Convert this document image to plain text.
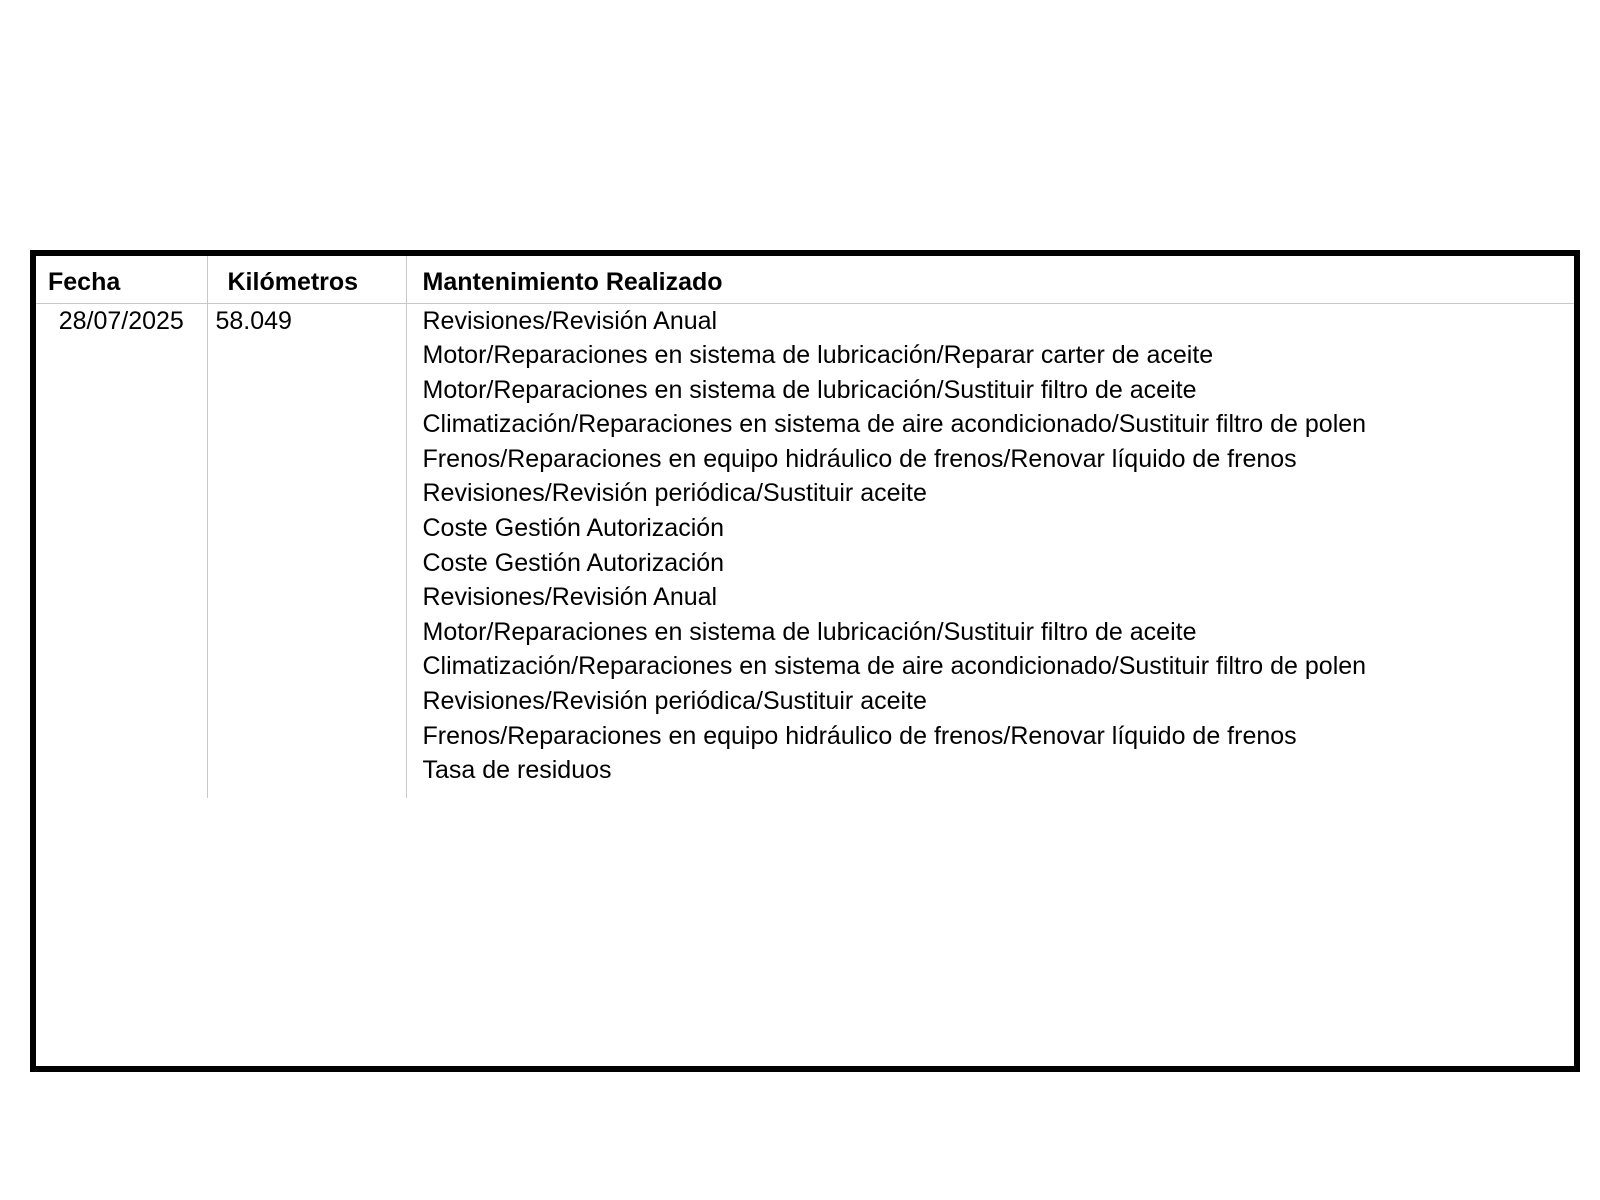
Fecha	Kilómetros	Mantenimiento Realizado
28/07/2025	58.049	Revisiones/Revisión Anual
Motor/Reparaciones en sistema de lubricación/Reparar carter de aceite
Motor/Reparaciones en sistema de lubricación/Sustituir filtro de aceite
Climatización/Reparaciones en sistema de aire acondicionado/Sustituir filtro de polen
Frenos/Reparaciones en equipo hidráulico de frenos/Renovar líquido de frenos
Revisiones/Revisión periódica/Sustituir aceite
Coste Gestión Autorización
Coste Gestión Autorización
Revisiones/Revisión Anual
Motor/Reparaciones en sistema de lubricación/Sustituir filtro de aceite
Climatización/Reparaciones en sistema de aire acondicionado/Sustituir filtro de polen
Revisiones/Revisión periódica/Sustituir aceite
Frenos/Reparaciones en equipo hidráulico de frenos/Renovar líquido de frenos
Tasa de residuos
